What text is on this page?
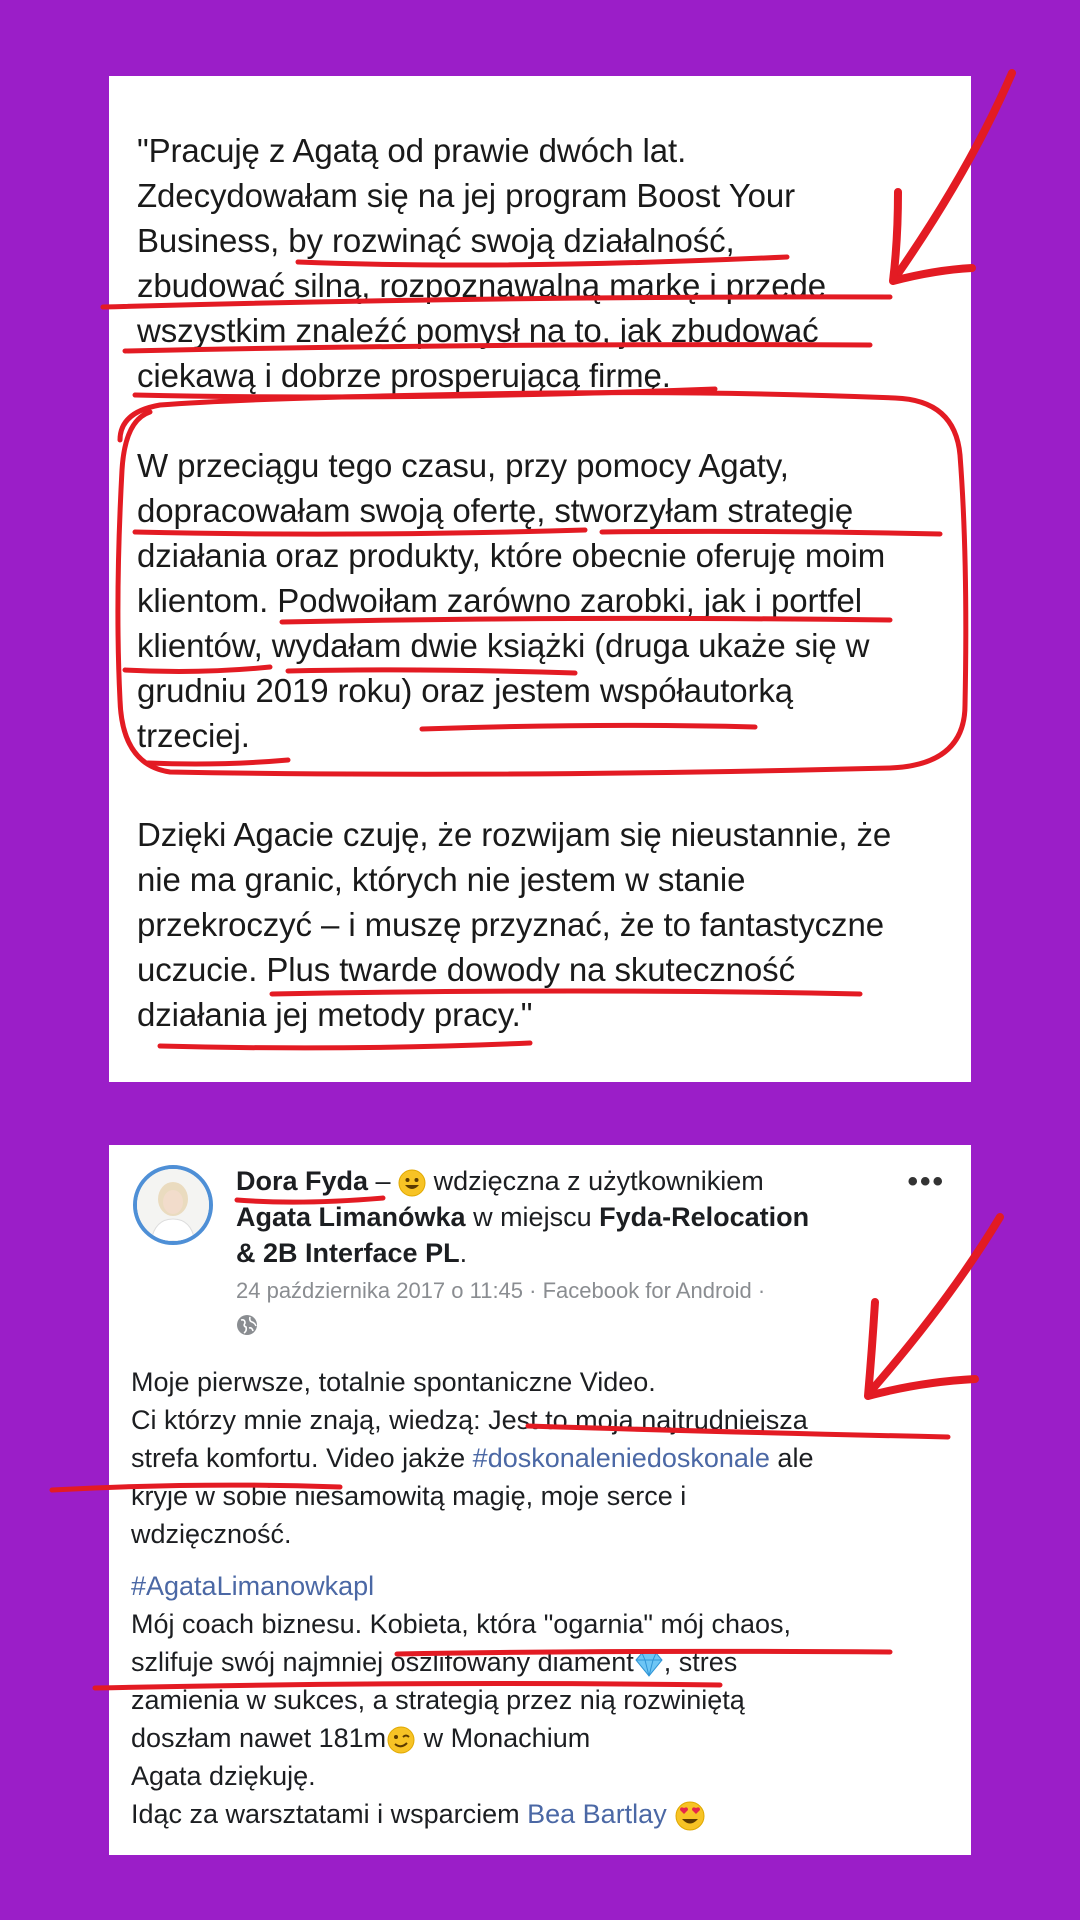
"Pracuję z Agatą od prawie dwóch lat.
Zdecydowałam się na jej program Boost Your
Business, by rozwinąć swoją działalność,
zbudować silną, rozpoznawalną markę i przede
wszystkim znaleźć pomysł na to, jak zbudować
ciekawą i dobrze prosperującą firmę.
W przeciągu tego czasu, przy pomocy Agaty,
dopracowałam swoją ofertę, stworzyłam strategię
działania oraz produkty, które obecnie oferuję moim
klientom. Podwoiłam zarówno zarobki, jak i portfel
klientów, wydałam dwie książki (druga ukaże się w
grudniu 2019 roku) oraz jestem współautorką
trzeciej.
Dzięki Agacie czuję, że rozwijam się nieustannie, że
nie ma granic, których nie jestem w stanie
przekroczyć – i muszę przyznać, że to fantastyczne
uczucie. Plus twarde dowody na skuteczność
działania jej metody pracy."
Dora Fyda –  wdzięczna z użytkownikiem
Agata Limanówka w miejscu Fyda-Relocation
& 2B Interface PL.
24 października 2017 o 11:45 · Facebook for Android ·
•••
Moje pierwsze, totalnie spontaniczne Video.
Ci którzy mnie znają, wiedzą: Jest to moja najtrudniejsza
strefa komfortu. Video jakże #doskonaleniedoskonale ale
kryje w sobie niesamowitą magię, moje serce i
wdzięczność.
#AgataLimanowkapl
Mój coach biznesu. Kobieta, która "ogarnia" mój chaos,
szlifuje swój najmniej oszlifowany diament , stres
zamienia w sukces, a strategią przez nią rozwiniętą
doszłam nawet 181m w Monachium
Agata dziękuję.
Idąc za warsztatami i wsparciem Bea Bartlay
